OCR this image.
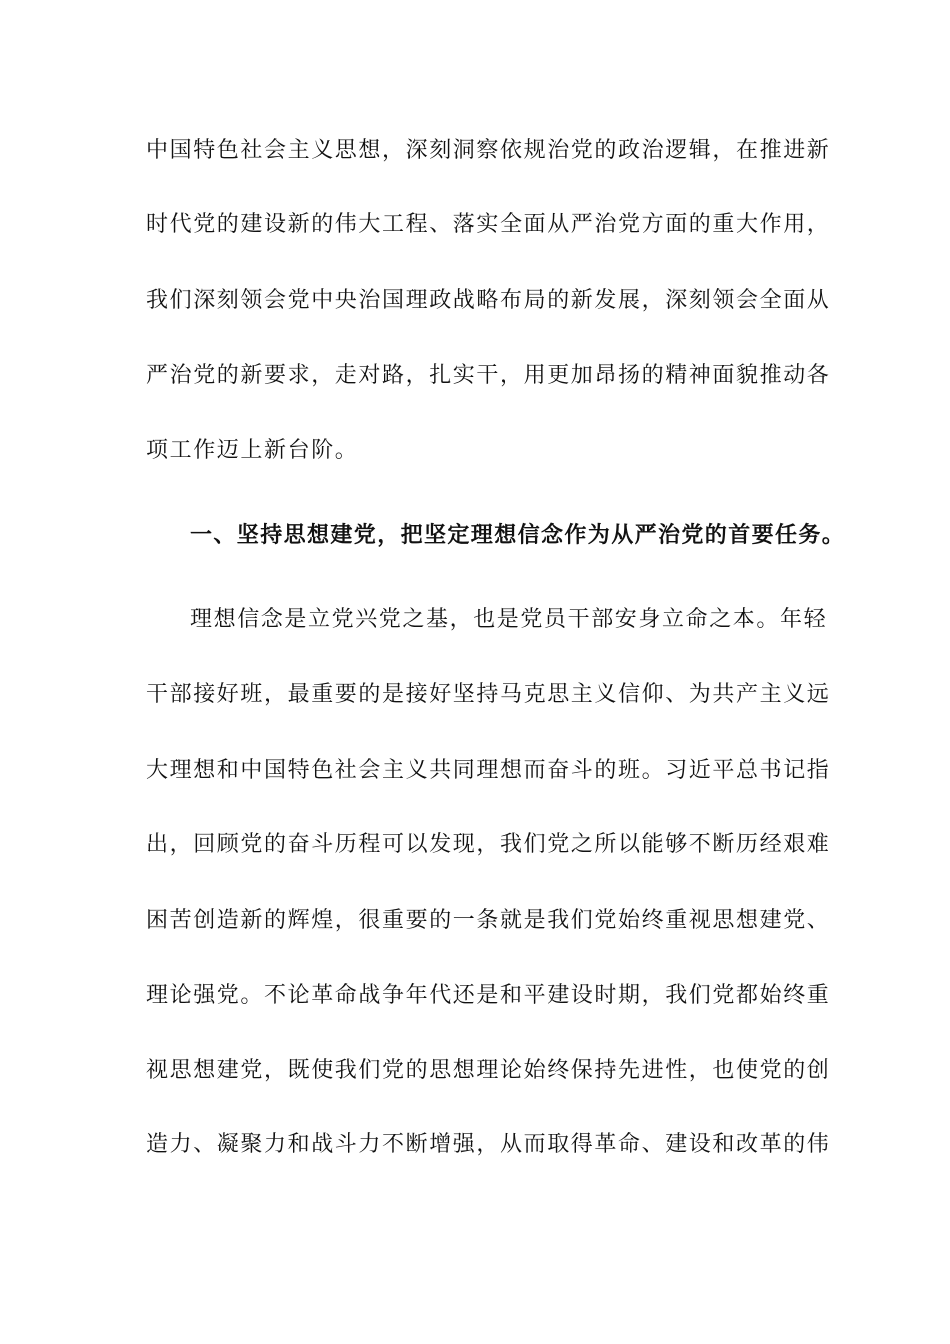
中国特色社会主义思想，深刻洞察依规治党的政治逻辑，在推进新
时代党的建设新的伟大工程、落实全面从严治党方面的重大作用，
我们深刻领会党中央治国理政战略布局的新发展，深刻领会全面从
严治党的新要求，走对路，扎实干，用更加昂扬的精神面貌推动各
项工作迈上新台阶。
一、坚持思想建党，把坚定理想信念作为从严治党的首要任务。
理想信念是立党兴党之基，也是党员干部安身立命之本。年轻
干部接好班，最重要的是接好坚持马克思主义信仰、为共产主义远
大理想和中国特色社会主义共同理想而奋斗的班。习近平总书记指
出，回顾党的奋斗历程可以发现，我们党之所以能够不断历经艰难
困苦创造新的辉煌，很重要的一条就是我们党始终重视思想建党、
理论强党。不论革命战争年代还是和平建设时期，我们党都始终重
视思想建党，既使我们党的思想理论始终保持先进性，也使党的创
造力、凝聚力和战斗力不断增强，从而取得革命、建设和改革的伟
